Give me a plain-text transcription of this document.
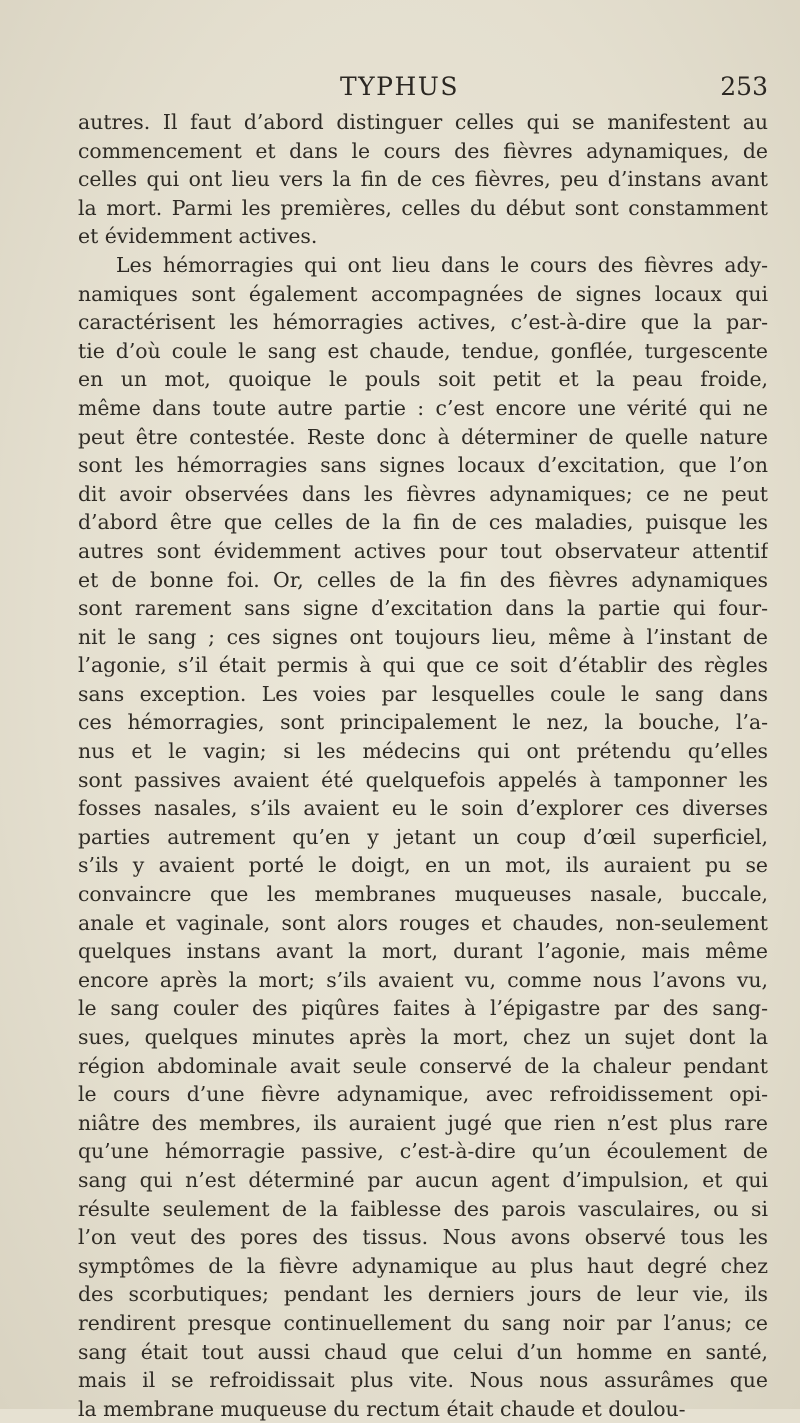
TYPHUS	253
autres. Il faut d’abord distinguer celles qui se manifestent au
commencement et dans le cours des fièvres adynamiques, de
celles qui ont lieu vers la fin de ces fièvres, peu d’instans avant
la mort. Parmi les premières, celles du début sont constamment
et évidemment actives.
Les hémorragies qui ont lieu dans le cours des fièvres ady-
namiques sont également accompagnées de signes locaux qui
caractérisent les hémorragies actives, c’est-à-dire que la par-
tie d’où coule le sang est chaude, tendue, gonflée, turgescente
en un mot, quoique le pouls soit petit et la peau froide,
même dans toute autre partie : c’est encore une vérité qui ne
peut être contestée. Reste donc à déterminer de quelle nature
sont les hémorragies sans signes locaux d’excitation, que l’on
dit avoir observées dans les fièvres adynamiques; ce ne peut
d’abord être que celles de la fin de ces maladies, puisque les
autres sont évidemment actives pour tout observateur attentif
et de bonne foi. Or, celles de la fin des fièvres adynamiques
sont rarement sans signe d’excitation dans la partie qui four-
nit le sang ; ces signes ont toujours lieu, même à l’instant de
l’agonie, s’il était permis à qui que ce soit d’établir des règles
sans exception. Les voies par lesquelles coule le sang dans
ces hémorragies, sont principalement le nez, la bouche, l’a-
nus et le vagin; si les médecins qui ont prétendu qu’elles
sont passives avaient été quelquefois appelés à tamponner les
fosses nasales, s’ils avaient eu le soin d’explorer ces diverses
parties autrement qu’en y jetant un coup d’œil superficiel,
s’ils y avaient porté le doigt, en un mot, ils auraient pu se
convaincre que les membranes muqueuses nasale, buccale,
anale et vaginale, sont alors rouges et chaudes, non-seulement
quelques instans avant la mort, durant l’agonie, mais même
encore après la mort; s’ils avaient vu, comme nous l’avons vu,
le sang couler des piqûres faites à l’épigastre par des sang-
sues, quelques minutes après la mort, chez un sujet dont la
région abdominale avait seule conservé de la chaleur pendant
le cours d’une fièvre adynamique, avec refroidissement opi-
niâtre des membres, ils auraient jugé que rien n’est plus rare
qu’une hémorragie passive, c’est-à-dire qu’un écoulement de
sang qui n’est déterminé par aucun agent d’impulsion, et qui
résulte seulement de la faiblesse des parois vasculaires, ou si
l’on veut des pores des tissus. Nous avons observé tous les
symptômes de la fièvre adynamique au plus haut degré chez
des scorbutiques; pendant les derniers jours de leur vie, ils
rendirent presque continuellement du sang noir par l’anus; ce
sang était tout aussi chaud que celui d’un homme en santé,
mais il se refroidissait plus vite. Nous nous assurâmes que
la membrane muqueuse du rectum était chaude et doulou-
